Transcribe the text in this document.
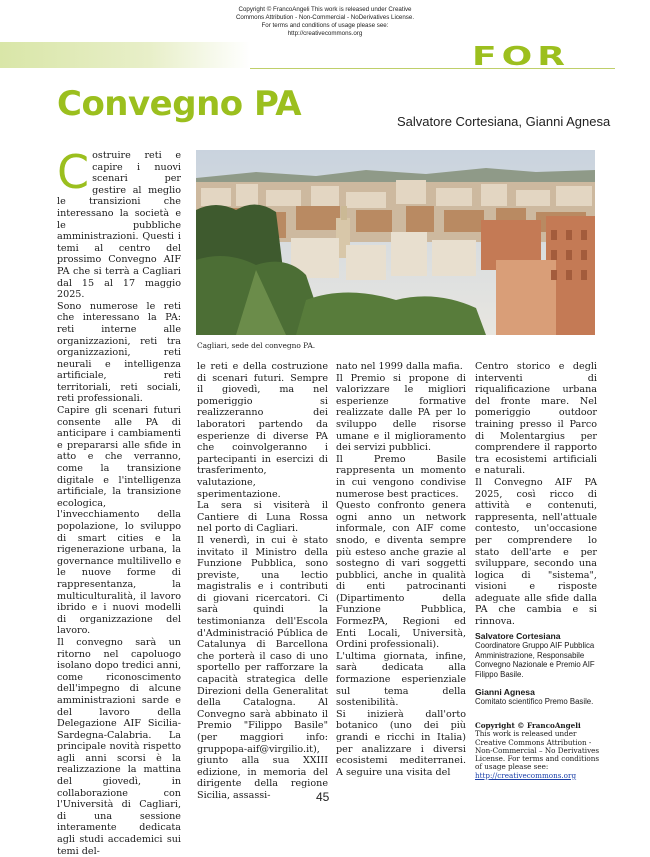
Copyright © FrancoAngeli This work is released under Creative
Commons Attribution - Non-Commercial - NoDerivatives License.
For terms and conditions of usage please see:
http://creativecommons.org
FOR
Convegno PA	Salvatore Cortesiana, Gianni Agnesa

Costruire reti e capire i nuovi scenari per gestire al meglio le transizioni che interessano la società e le pubbliche amministrazioni. Questi i temi al centro del prossimo Convegno AIF PA che si terrà a Cagliari dal 15 al 17 maggio 2025.

Sono numerose le reti che interessano la PA: reti interne alle organizzazioni, reti tra organizzazioni, reti neurali e intelligenza artificiale, reti territoriali, reti sociali, reti professionali.

Capire gli scenari futuri consente alle PA di anticipare i cambiamenti e prepararsi alle sfide in atto e che verranno, come la transizione digitale e l'intelligenza artificiale, la transizione ecologica, l'invecchiamento della popolazione, lo sviluppo di smart cities e la rigenerazione urbana, la governance multilivello e le nuove forme di rappresentanza, la multiculturalità, il lavoro ibrido e i nuovi modelli di organizzazione del lavoro.

Il convegno sarà un ritorno nel capoluogo isolano dopo tredici anni, come riconoscimento dell'impegno di alcune amministrazioni sarde e del lavoro della Delegazione AIF Sicilia-Sardegna-Calabria. La principale novità rispetto agli anni scorsi è la realizzazione la mattina del giovedì, in collaborazione con l'Università di Cagliari, di una sessione interamente dedicata agli studi accademici sui temi del-

Cagliari, sede del convegno PA.

le reti e della costruzione di scenari futuri. Sempre il giovedì, ma nel pomeriggio si realizzeranno dei laboratori partendo da esperienze di diverse PA che coinvolgeranno i partecipanti in esercizi di trasferimento, valutazione, sperimentazione.

La sera si visiterà il Cantiere di Luna Rossa nel porto di Cagliari.

Il venerdì, in cui è stato invitato il Ministro della Funzione Pubblica, sono previste, una lectio magistralis e i contributi di giovani ricercatori. Ci sarà quindi la testimonianza dell'Escola d'Administració Pública de Catalunya di Barcellona che porterà il caso di uno sportello per rafforzare la capacità strategica delle Direzioni della Generalitat della Catalogna. Al Convegno sarà abbinato il Premio "Filippo Basile" (per maggiori info: gruppopa-aif@virgilio.it), giunto alla sua XXIII edizione, in memoria del dirigente della regione Sicilia, assassi-

nato nel 1999 dalla mafia.

Il Premio si propone di valorizzare le migliori esperienze formative realizzate dalle PA per lo sviluppo delle risorse umane e il miglioramento dei servizi pubblici.

Il Premo Basile rappresenta un momento in cui vengono condivise numerose best practices.

Questo confronto genera ogni anno un network informale, con AIF come snodo, e diventa sempre più esteso anche grazie al sostegno di vari soggetti pubblici, anche in qualità di enti patrocinanti (Dipartimento della Funzione Pubblica, FormezPA, Regioni ed Enti Locali, Università, Ordini professionali).

L'ultima giornata, infine, sarà dedicata alla formazione esperienziale sul tema della sostenibilità.

Si inizierà dall'orto botanico (uno dei più grandi e ricchi in Italia) per analizzare i diversi ecosistemi mediterranei. A seguire una visita del

Centro storico e degli interventi di riqualificazione urbana del fronte mare. Nel pomeriggio outdoor training presso il Parco di Molentargius per comprendere il rapporto tra ecosistemi artificiali e naturali.

Il Convegno AIF PA 2025, così ricco di attività e contenuti, rappresenta, nell'attuale contesto, un'occasione per comprendere lo stato dell'arte e per sviluppare, secondo una logica di "sistema", visioni e risposte adeguate alle sfide dalla PA che cambia e si rinnova.

Salvatore Cortesiana
Coordinatore Gruppo AIF Pubblica Amministrazione, Responsabile Convegno Nazionale e Premio AIF Filippo Basile.
Gianni Agnesa
Comitato scientifico Premo Basile.
Copyright © FrancoAngeli
This work is released under Creative Commons Attribution - Non-Commercial – No Derivatives License. For terms and conditions of usage please see:
http://creativecommons.org
45
